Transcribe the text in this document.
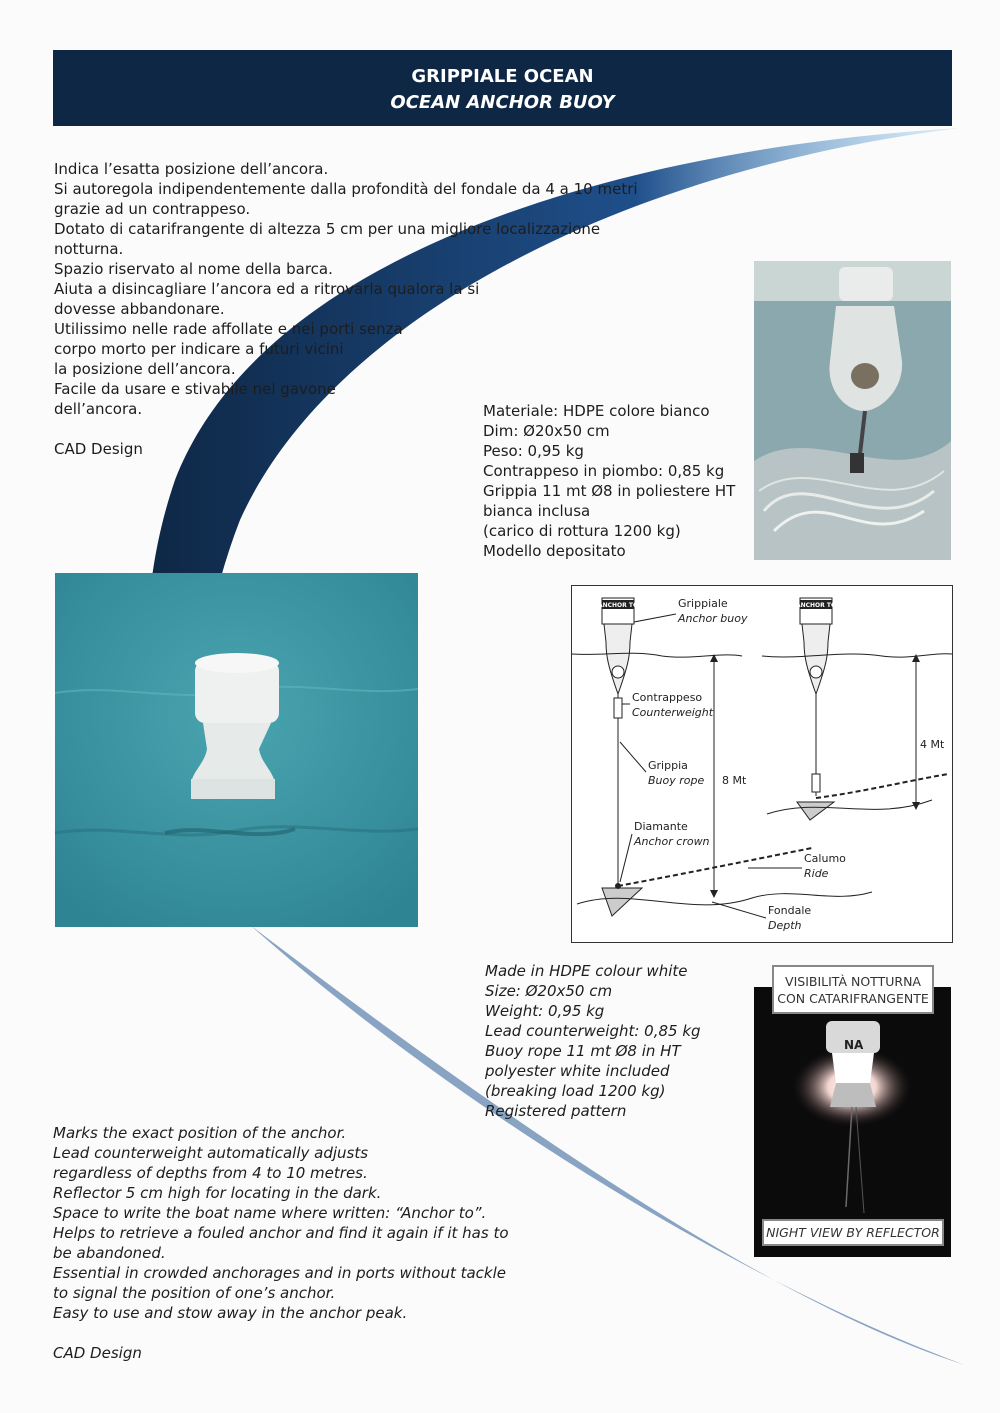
GRIPPIALE OCEAN
OCEAN ANCHOR BUOY
Indica l’esatta posizione dell’ancora.
Si autoregola indipendentemente dalla profondità del fondale da 4 a 10 metri
grazie ad un contrappeso.
Dotato di catarifrangente di altezza 5 cm per una migliore localizzazione
notturna.
Spazio riservato al nome della barca.
Aiuta a disincagliare l’ancora ed a ritrovarla qualora la si
dovesse abbandonare.
Utilissimo nelle rade affollate e nei porti senza
corpo morto per indicare a futuri vicini
la posizione dell’ancora.
Facile da usare e stivabile nel gavone
dell’ancora.

CAD Design
Materiale: HDPE colore bianco
Dim: Ø20x50 cm
Peso: 0,95 kg
Contrappeso in piombo: 0,85 kg
Grippia 11 mt Ø8 in poliestere HT
bianca inclusa
(carico di rottura 1200 kg)
Modello depositato
ANCHOR TO	ANCHOR TO
Grippiale
Anchor buoy
Contrappeso
Counterweight
Grippia
Buoy rope 8 Mt
4 Mt
Diamante
Anchor crown
Calumo
Ride
Fondale
Depth
Made in HDPE colour white
Size: Ø20x50 cm
Weight: 0,95 kg
Lead counterweight: 0,85 kg
Buoy rope 11 mt Ø8 in HT
polyester white included
(breaking load 1200 kg)
Registered pattern
NA
VISIBILITÀ NOTTURNA
CON CATARIFRANGENTE
NIGHT VIEW BY REFLECTOR
Marks the exact position of the anchor.
Lead counterweight automatically adjusts
regardless of depths from 4 to 10 metres.
Reflector 5 cm high for locating in the dark.
Space to write the boat name where written: “Anchor to”.
Helps to retrieve a fouled anchor and find it again if it has to
be abandoned.
Essential in crowded anchorages and in ports without tackle
to signal the position of one’s anchor.
Easy to use and stow away in the anchor peak.

CAD Design
